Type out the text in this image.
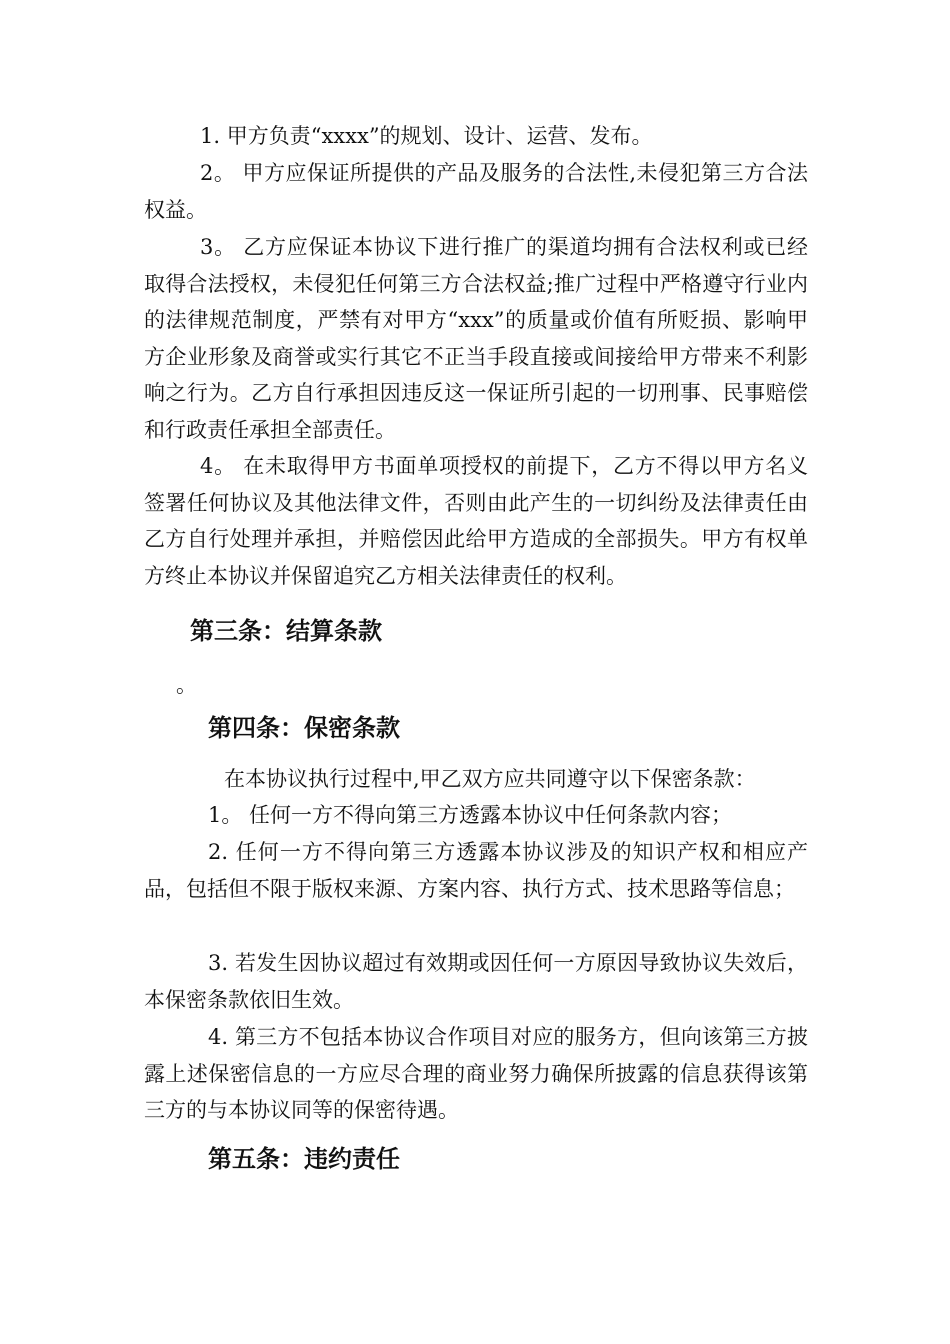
1. 甲方负责“xxxx”的规划、设计、运营、发布。

2。 甲方应保证所提供的产品及服务的合法性,未侵犯第三方合法权益。

3。 乙方应保证本协议下进行推广的渠道均拥有合法权利或已经取得合法授权，未侵犯任何第三方合法权益;推广过程中严格遵守行业内的法律规范制度，严禁有对甲方“xxx”的质量或价值有所贬损、影响甲方企业形象及商誉或实行其它不正当手段直接或间接给甲方带来不利影响之行为。乙方自行承担因违反这一保证所引起的一切刑事、民事赔偿和行政责任承担全部责任。

4。 在未取得甲方书面单项授权的前提下，乙方不得以甲方名义签署任何协议及其他法律文件，否则由此产生的一切纠纷及法律责任由乙方自行处理并承担，并赔偿因此给甲方造成的全部损失。甲方有权单方终止本协议并保留追究乙方相关法律责任的权利。

第三条：结算条款
。
第四条：保密条款

在本协议执行过程中,甲乙双方应共同遵守以下保密条款：

1。 任何一方不得向第三方透露本协议中任何条款内容；

2. 任何一方不得向第三方透露本协议涉及的知识产权和相应产品，包括但不限于版权来源、方案内容、执行方式、技术思路等信息；

3. 若发生因协议超过有效期或因任何一方原因导致协议失效后，本保密条款依旧生效。

4. 第三方不包括本协议合作项目对应的服务方，但向该第三方披露上述保密信息的一方应尽合理的商业努力确保所披露的信息获得该第三方的与本协议同等的保密待遇。

第五条：违约责任
